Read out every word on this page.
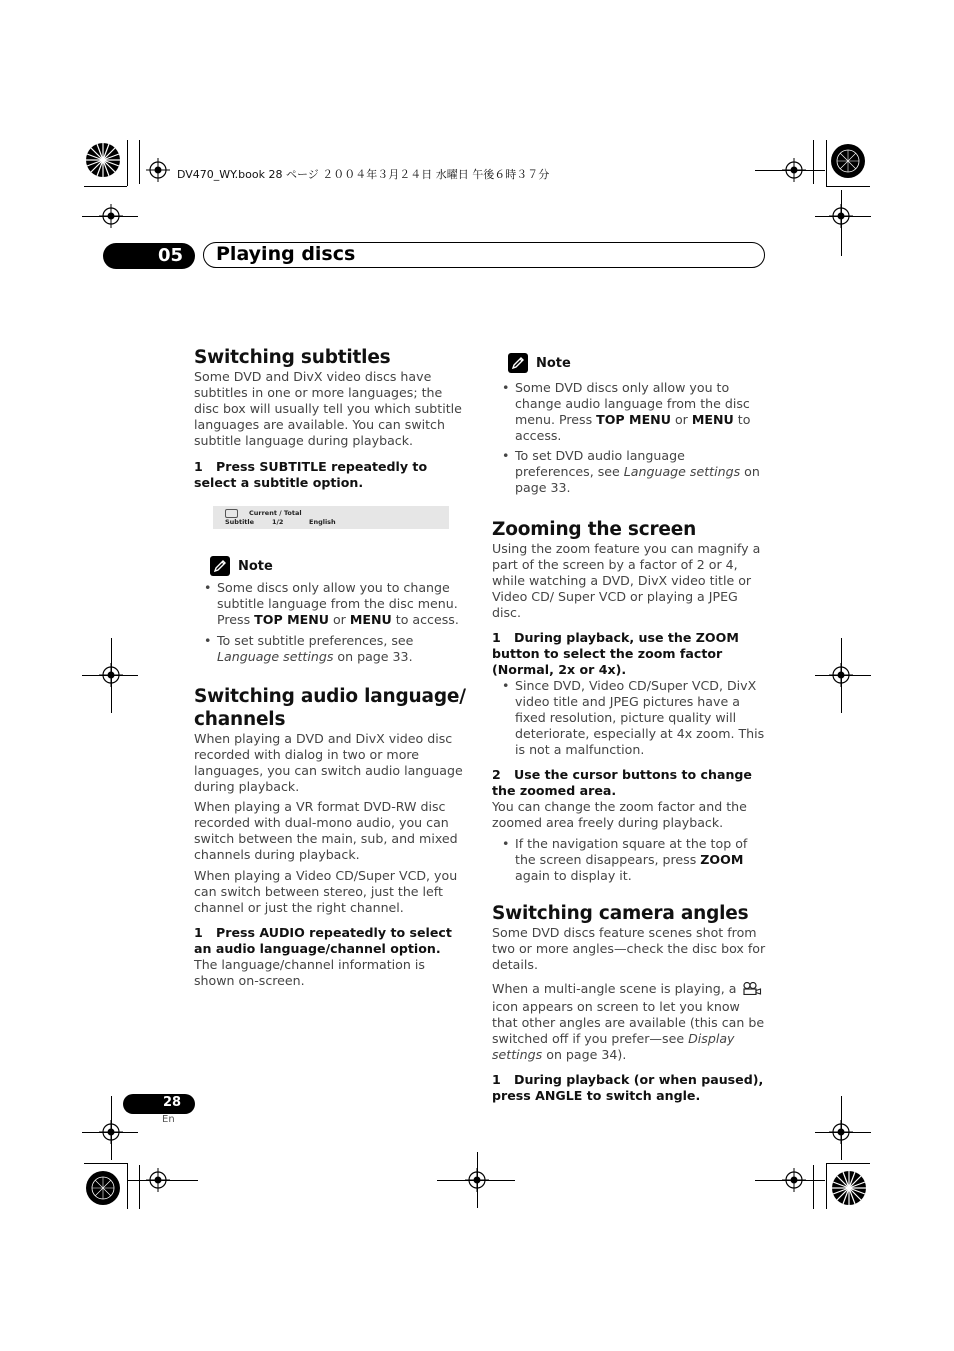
DV470_WY.book 28 ページ ２００４年３月２４日 水曜日 午後６時３７分
05 Playing discs
Switching subtitles

Some DVD and DivX video discs have subtitles in one or more languages; the disc box will usually tell you which subtitle languages are available. You can switch subtitle language during playback.

1 Press SUBTITLE repeatedly to select a subtitle option.

Current / Total
Subtitle	1/2	English
Note
• Some discs only allow you to change subtitle language from the disc menu. Press TOP MENU or MENU to access.
• To set subtitle preferences, see Language settings on page 33.
Switching audio language/ channels

When playing a DVD and DivX video disc recorded with dialog in two or more languages, you can switch audio language during playback.

When playing a VR format DVD-RW disc recorded with dual-mono audio, you can switch between the main, sub, and mixed channels during playback.

When playing a Video CD/Super VCD, you can switch between stereo, just the left channel or just the right channel.

1 Press AUDIO repeatedly to select an audio language/channel option.

The language/channel information is shown on-screen.

Note
• Some DVD discs only allow you to change audio language from the disc menu. Press TOP MENU or MENU to access.
• To set DVD audio language preferences, see Language settings on page 33.
Zooming the screen

Using the zoom feature you can magnify a part of the screen by a factor of 2 or 4, while watching a DVD, DivX video title or Video CD/ Super VCD or playing a JPEG disc.

1 During playback, use the ZOOM button to select the zoom factor (Normal, 2x or 4x).

• Since DVD, Video CD/Super VCD, DivX video title and JPEG pictures have a fixed resolution, picture quality will deteriorate, especially at 4x zoom. This is not a malfunction.

2 Use the cursor buttons to change the zoomed area.

You can change the zoom factor and the zoomed area freely during playback.

• If the navigation square at the top of the screen disappears, press ZOOM again to display it.
Switching camera angles

Some DVD discs feature scenes shot from two or more angles—check the disc box for details.

When a multi-angle scene is playing, a  icon appears on screen to let you know that other angles are available (this can be switched off if you prefer—see Display settings on page 34).

1 During playback (or when paused), press ANGLE to switch angle.

28
En
